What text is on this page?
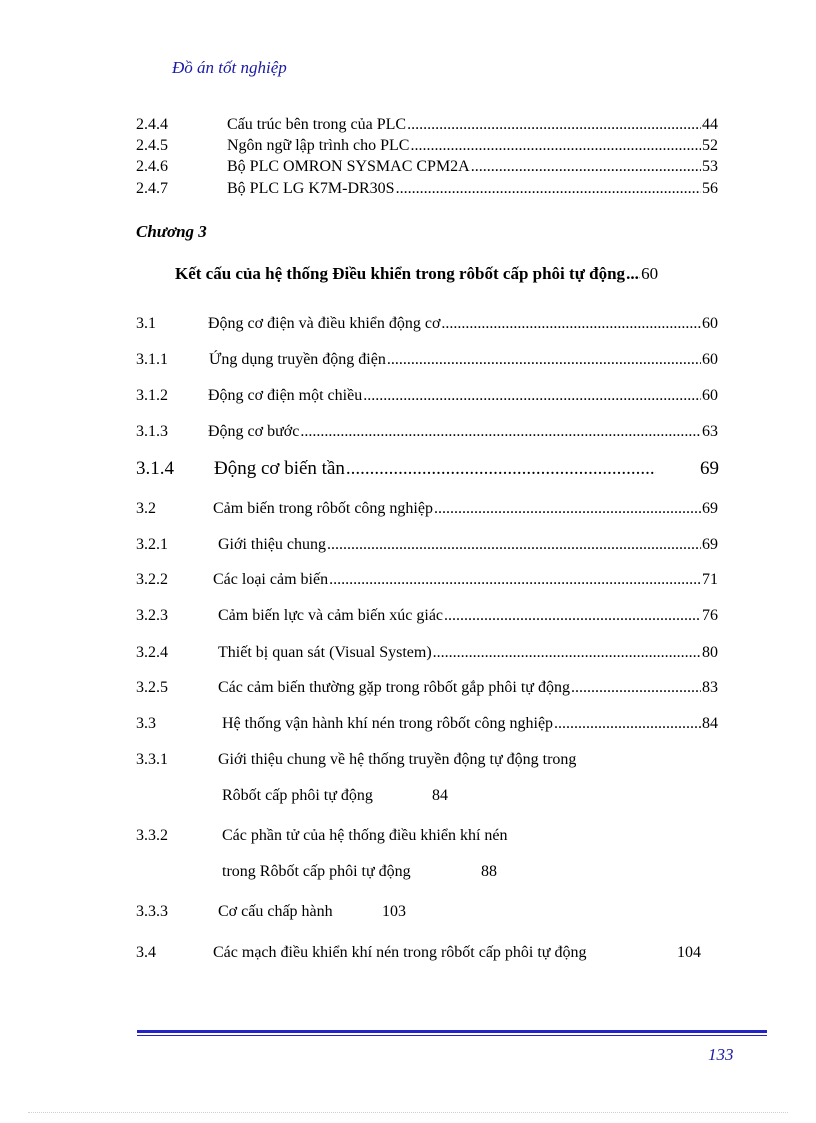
Đồ án tốt nghiệp
2.4.4	Cấu trúc bên trong của PLC .....	44
2.4.5	Ngôn ngữ lập trình cho PLC .....	52
2.4.6	Bộ PLC OMRON SYSMAC CPM2A .....	53
2.4.7	Bộ PLC LG K7M-DR30S .....	56
Chương 3
Kết cấu của hệ thống Điều khiển trong rôbốt cấp phôi tự động ..... 60
3.1	Động cơ điện và điều khiển động cơ .....	60
3.1.1	Ứng dụng truyền động điện .....	60
3.1.2	Động cơ điện một chiều .....	60
3.1.3	Động cơ bước .....	63
3.1.4	Động cơ biến tần .....	69
3.2	Cảm biến trong rôbốt công nghiệp .....	69
3.2.1	Giới thiệu chung .....	69
3.2.2	Các loại cảm biến .....	71
3.2.3	Cảm biến lực và cảm biến xúc giác .....	76
3.2.4	Thiết bị quan sát (Visual System) .....	80
3.2.5	Các cảm biến thường gặp trong rôbốt gắp phôi tự động .....	83
3.3	Hệ thống vận hành khí nén trong rôbốt công nghiệp .....	84
3.3.1	Giới thiệu chung về hệ thống truyền động tự động trong
Rôbốt cấp phôi tự động	84
3.3.2	Các phần tử của hệ thống điều khiển khí nén
trong Rôbốt cấp phôi tự động	88
3.3.3	Cơ cấu chấp hành	103
3.4	Các mạch điều khiển khí nén trong rôbốt cấp phôi tự động	104
133
